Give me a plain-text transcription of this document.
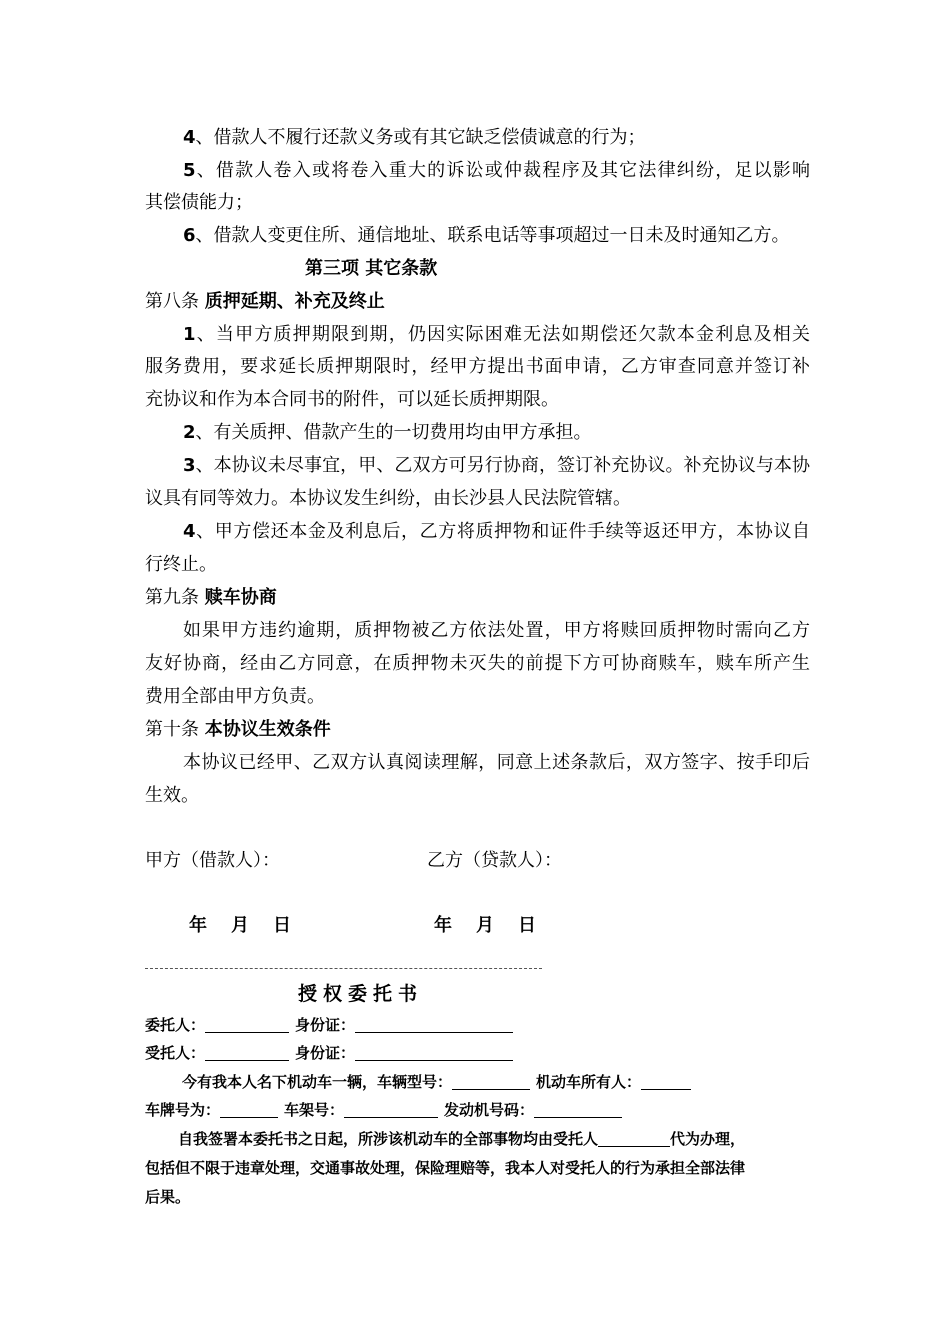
4、借款人不履行还款义务或有其它缺乏偿债诚意的行为；
5、借款人卷入或将卷入重大的诉讼或仲裁程序及其它法律纠纷，足以影响
其偿债能力；
6、借款人变更住所、通信地址、联系电话等事项超过一日未及时通知乙方。
第三项 其它条款
第八条 质押延期、补充及终止
1、当甲方质押期限到期，仍因实际困难无法如期偿还欠款本金利息及相关
服务费用，要求延长质押期限时，经甲方提出书面申请，乙方审查同意并签订补
充协议和作为本合同书的附件，可以延长质押期限。
2、有关质押、借款产生的一切费用均由甲方承担。
3、本协议未尽事宜，甲、乙双方可另行协商，签订补充协议。补充协议与本协
议具有同等效力。本协议发生纠纷，由长沙县人民法院管辖。
4、甲方偿还本金及利息后，乙方将质押物和证件手续等返还甲方，本协议自
行终止。
第九条 赎车协商
如果甲方违约逾期，质押物被乙方依法处置，甲方将赎回质押物时需向乙方
友好协商，经由乙方同意，在质押物未灭失的前提下方可协商赎车，赎车所产生
费用全部由甲方负责。
第十条 本协议生效条件
本协议已经甲、乙双方认真阅读理解，同意上述条款后，双方签字、按手印后
生效。
甲方（借款人）：	乙方（贷款人）：
年 月 日	年 月 日
授权委托书
委托人：	身份证：
受托人：	身份证：
今有我本人名下机动车一辆，车辆型号：	机动车所有人：
车牌号为：	车架号：	发动机号码：
自我签署本委托书之日起，所涉该机动车的全部事物均由受托人	代为办理，
包括但不限于违章处理，交通事故处理，保险理赔等，我本人对受托人的行为承担全部法律
后果。
